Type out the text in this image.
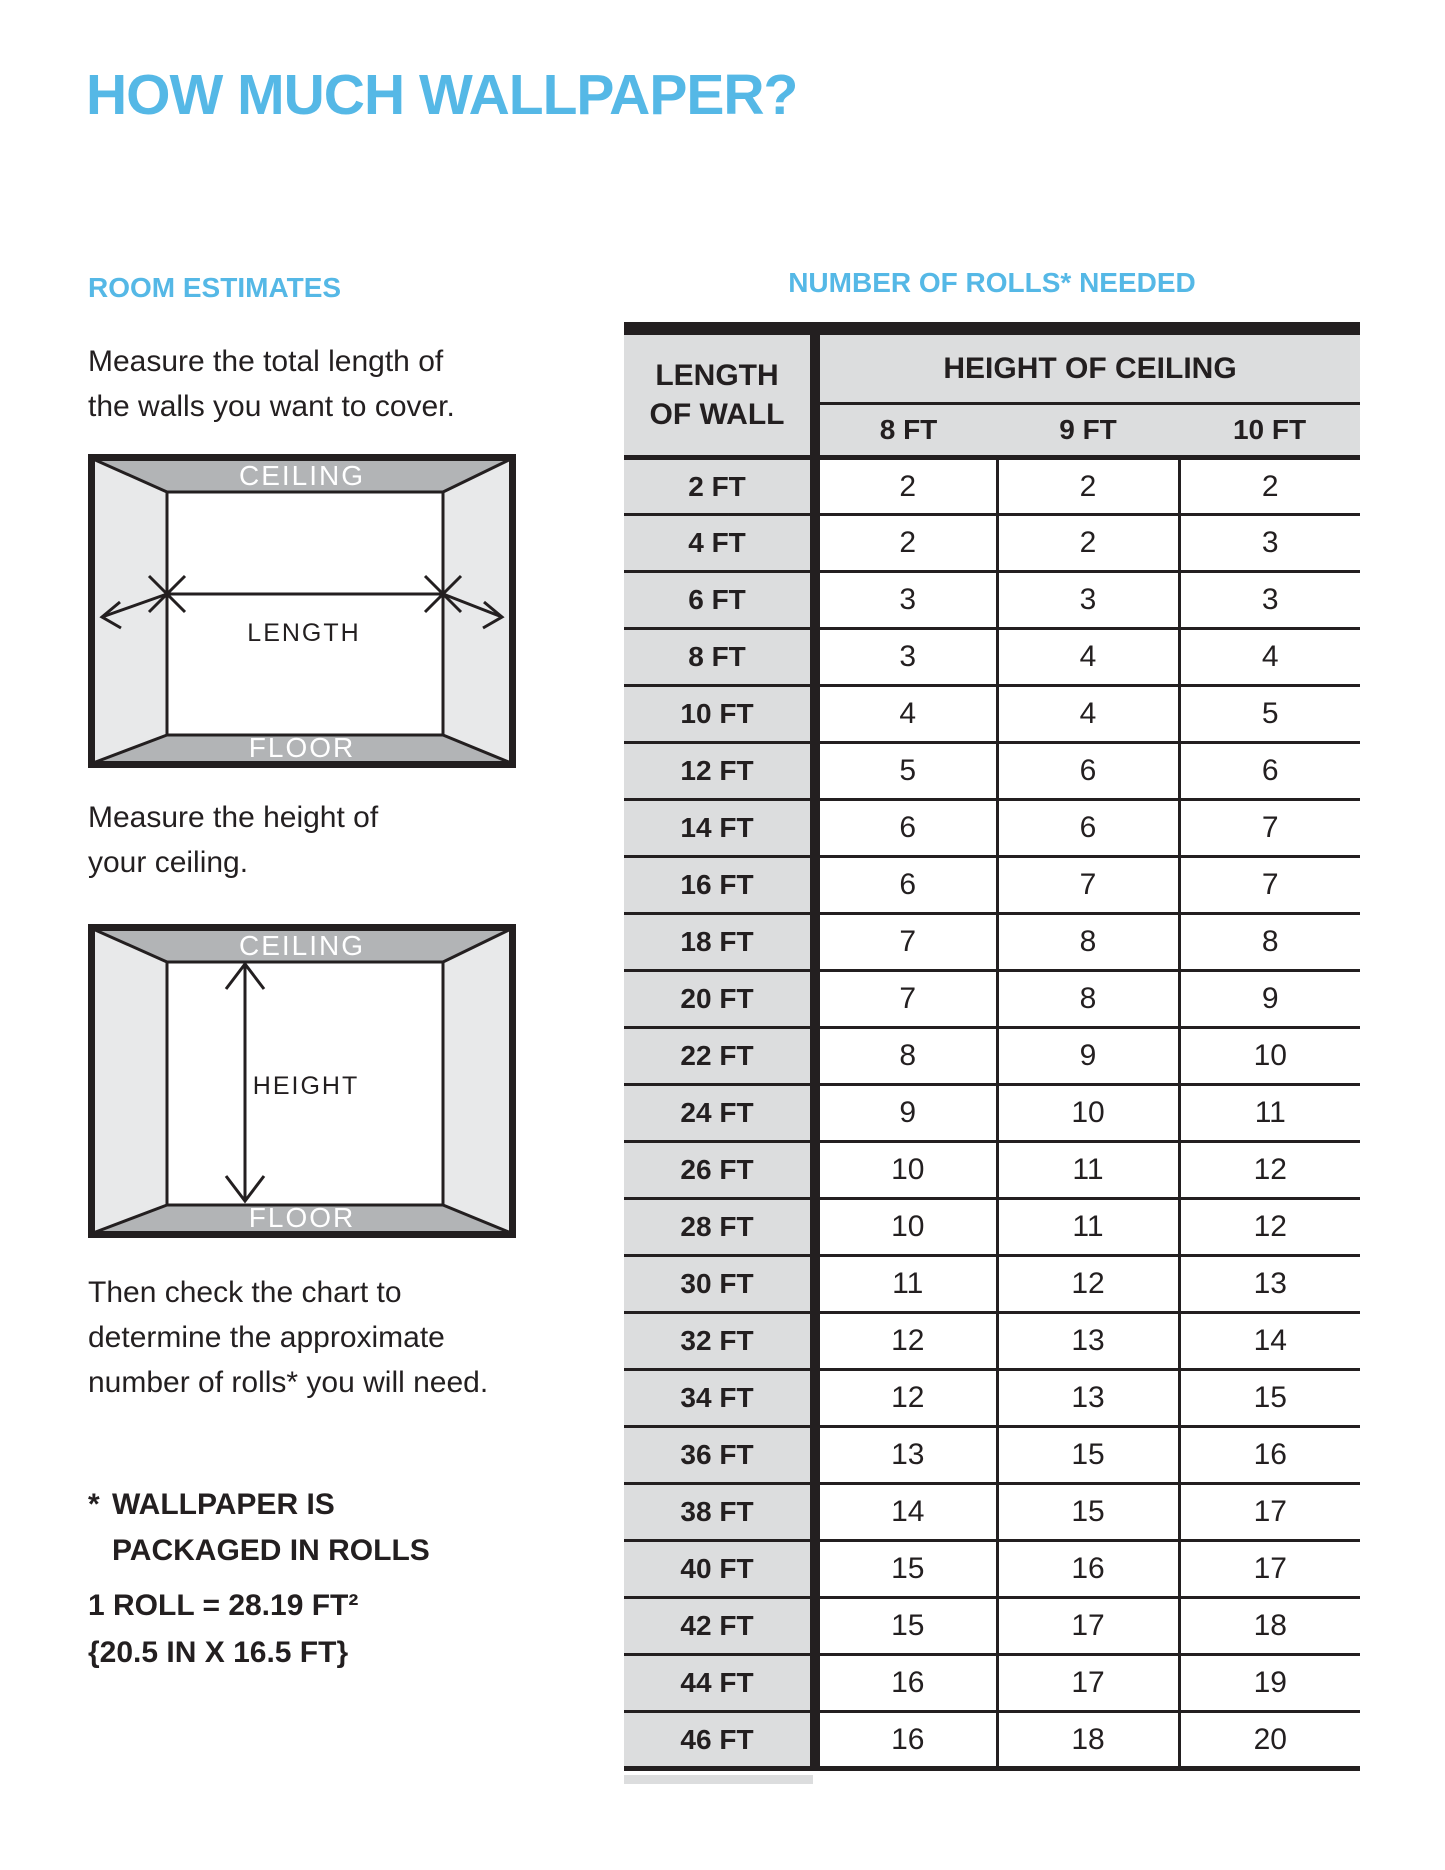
HOW MUCH WALLPAPER?
ROOM ESTIMATES	NUMBER OF ROLLS* NEEDED
Measure the total length of
the walls you want to cover.
CEILING
FLOOR
LENGTH
Measure the height of
your ceiling.
CEILING
FLOOR
HEIGHT
Then check the chart to
determine the approximate
number of rolls* you will need.
* WALLPAPER IS
PACKAGED IN ROLLS
1 ROLL = 28.19 FT²
{20.5 IN X 16.5 FT}
LENGTH
OF WALL	HEIGHT OF CEILING		
	8 FT	9 FT	10 FT
2 FT	2	2	2
4 FT	2	2	3
6 FT	3	3	3
8 FT	3	4	4
10 FT	4	4	5
12 FT	5	6	6
14 FT	6	6	7
16 FT	6	7	7
18 FT	7	8	8
20 FT	7	8	9
22 FT	8	9	10
24 FT	9	10	11
26 FT	10	11	12
28 FT	10	11	12
30 FT	11	12	13
32 FT	12	13	14
34 FT	12	13	15
36 FT	13	15	16
38 FT	14	15	17
40 FT	15	16	17
42 FT	15	17	18
44 FT	16	17	19
46 FT	16	18	20
